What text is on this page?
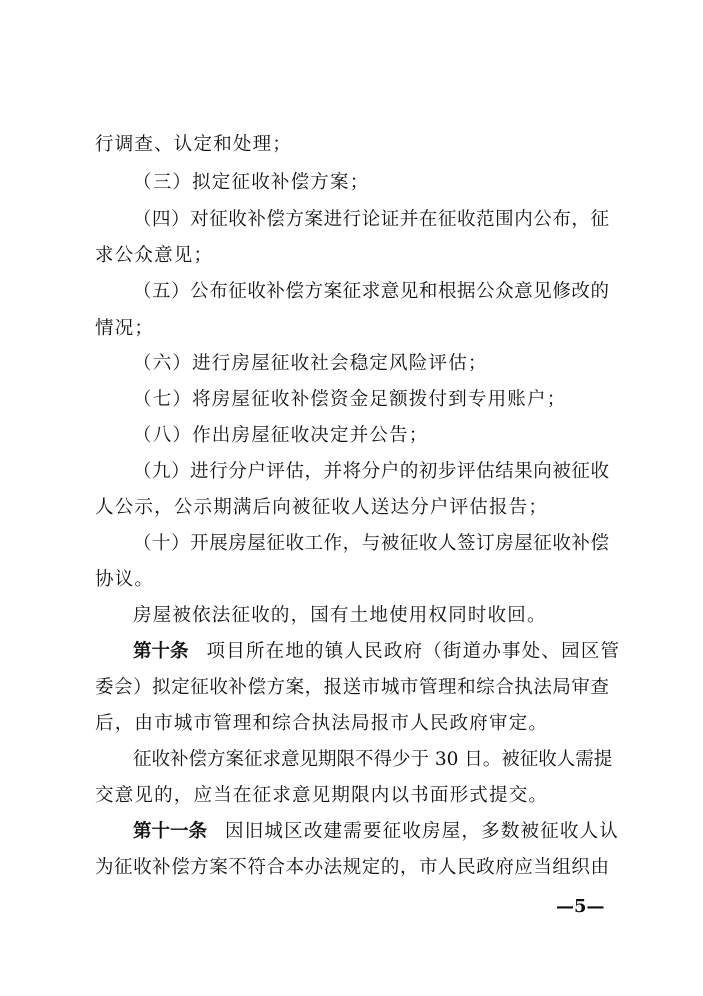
行调查、认定和处理；
（三）拟定征收补偿方案；
（四）对征收补偿方案进行论证并在征收范围内公布，征
求公众意见；
（五）公布征收补偿方案征求意见和根据公众意见修改的
情况；
（六）进行房屋征收社会稳定风险评估；
（七）将房屋征收补偿资金足额拨付到专用账户；
（八）作出房屋征收决定并公告；
（九）进行分户评估，并将分户的初步评估结果向被征收
人公示，公示期满后向被征收人送达分户评估报告；
（十）开展房屋征收工作，与被征收人签订房屋征收补偿
协议。
房屋被依法征收的，国有土地使用权同时收回。
第十条 项目所在地的镇人民政府（街道办事处、园区管
委会）拟定征收补偿方案，报送市城市管理和综合执法局审查
后，由市城市管理和综合执法局报市人民政府审定。
征收补偿方案征求意见期限不得少于 30 日。被征收人需提
交意见的，应当在征求意见期限内以书面形式提交。
第十一条 因旧城区改建需要征收房屋，多数被征收人认
为征收补偿方案不符合本办法规定的，市人民政府应当组织由
—5—
